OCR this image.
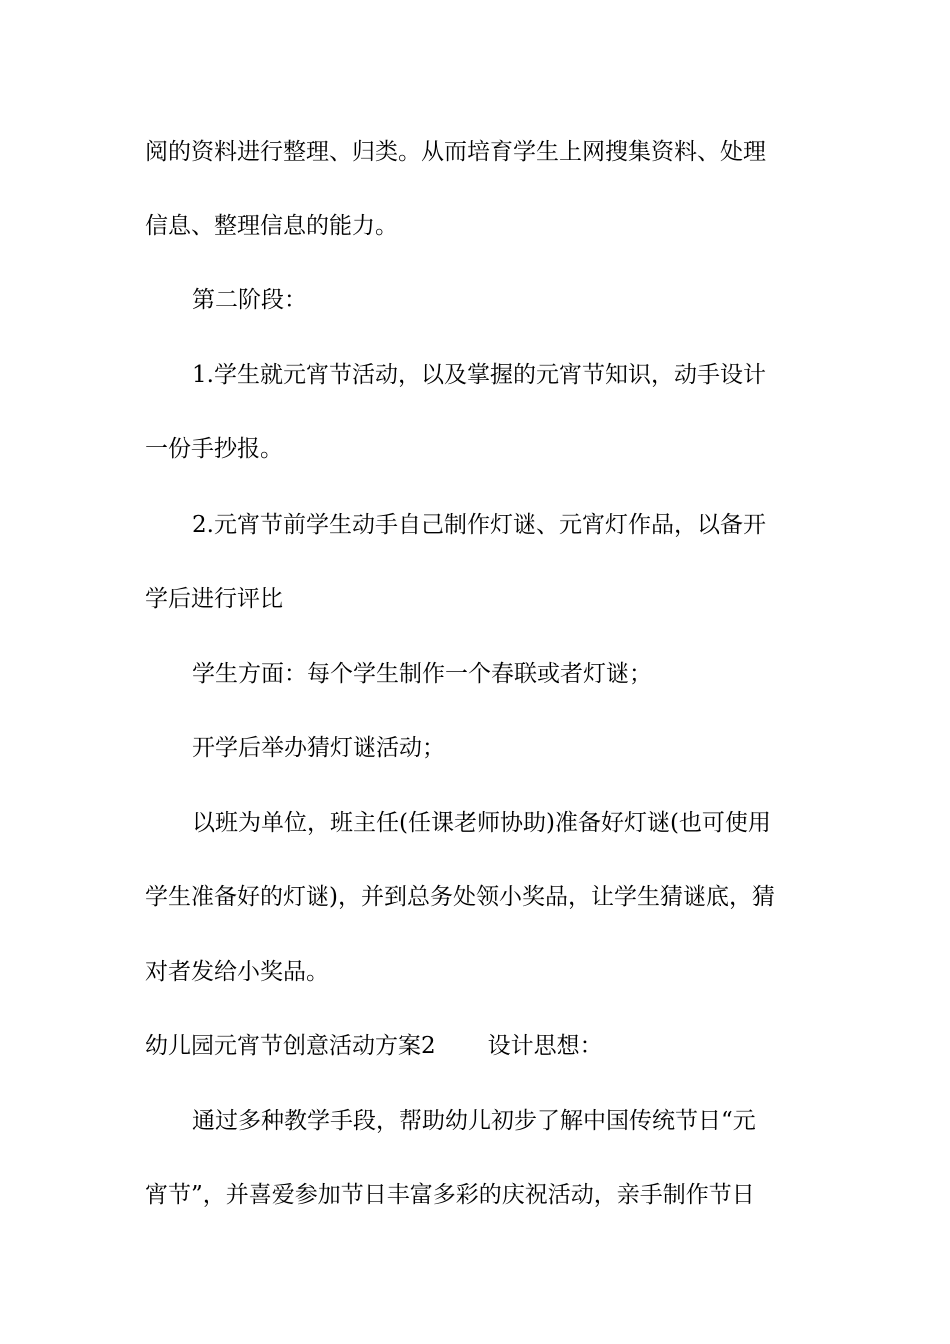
阅的资料进行整理、归类。从而培育学生上网搜集资料、处理
信息、整理信息的能力。
第二阶段：
1.学生就元宵节活动，以及掌握的元宵节知识，动手设计
一份手抄报。
2.元宵节前学生动手自己制作灯谜、元宵灯作品，以备开
学后进行评比
学生方面：每个学生制作一个春联或者灯谜；
开学后举办猜灯谜活动；
以班为单位，班主任(任课老师协助)准备好灯谜(也可使用
学生准备好的灯谜)，并到总务处领小奖品，让学生猜谜底，猜
对者发给小奖品。
幼儿园元宵节创意活动方案2 设计思想：
通过多种教学手段，帮助幼儿初步了解中国传统节日“元
宵节”，并喜爱参加节日丰富多彩的庆祝活动，亲手制作节日
